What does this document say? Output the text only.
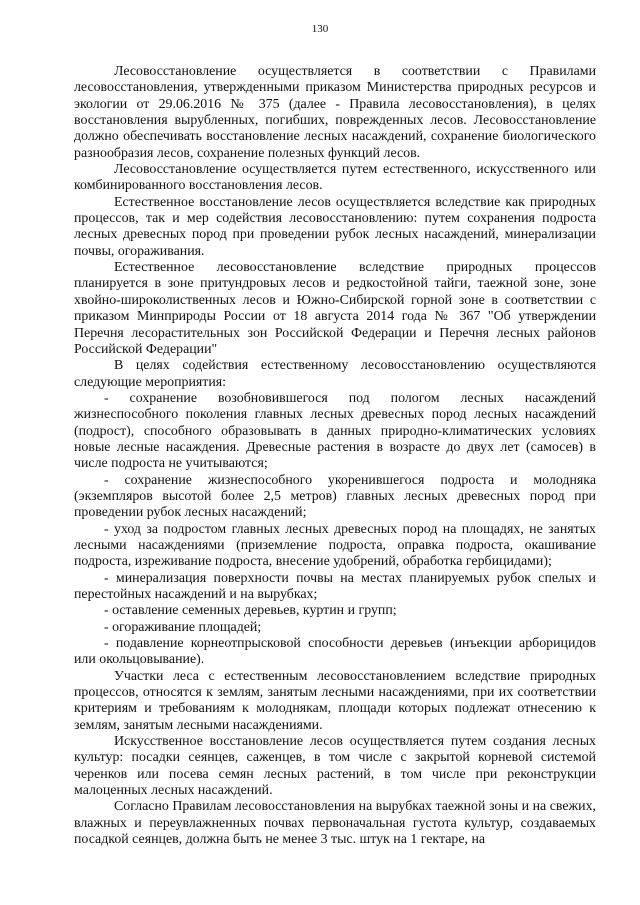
130

Лесовосстановление осуществляется в соответствии с Правилами лесовосстановления, утвержденными приказом Министерства природных ресурсов и экологии от 29.06.2016 № 375 (далее - Правила лесовосстановления), в целях восстановления вырубленных, погибших, поврежденных лесов. Лесовосстановление должно обеспечивать восстановление лесных насаждений, сохранение биологического разнообразия лесов, сохранение полезных функций лесов.

Лесовосстановление осуществляется путем естественного, искусственного или комбинированного восстановления лесов.

Естественное восстановление лесов осуществляется вследствие как природных процессов, так и мер содействия лесовосстановлению: путем сохранения подроста лесных древесных пород при проведении рубок лесных насаждений, минерализации почвы, огораживания.

Естественное лесовосстановление вследствие природных процессов планируется в зоне притундровых лесов и редкостойной тайги, таежной зоне, зоне хвойно-широколиственных лесов и Южно-Сибирской горной зоне в соответствии с приказом Минприроды России от 18 августа 2014 года № 367 "Об утверждении Перечня лесорастительных зон Российской Федерации и Перечня лесных районов Российской Федерации"

В целях содействия естественному лесовосстановлению осуществляются следующие мероприятия:

- сохранение возобновившегося под пологом лесных насаждений жизнеспособного поколения главных лесных древесных пород лесных насаждений (подрост), способного образовывать в данных природно-климатических условиях новые лесные насаждения. Древесные растения в возрасте до двух лет (самосев) в числе подроста не учитываются;

- сохранение жизнеспособного укоренившегося подроста и молодняка (экземпляров высотой более 2,5 метров) главных лесных древесных пород при проведении рубок лесных насаждений;

- уход за подростом главных лесных древесных пород на площадях, не занятых лесными насаждениями (приземление подроста, оправка подроста, окашивание подроста, изреживание подроста, внесение удобрений, обработка гербицидами);

- минерализация поверхности почвы на местах планируемых рубок спелых и перестойных насаждений и на вырубках;

- оставление семенных деревьев, куртин и групп;

- огораживание площадей;

- подавление корнеотпрысковой способности деревьев (инъекции арборицидов или окольцовывание).

Участки леса с естественным лесовосстановлением вследствие природных процессов, относятся к землям, занятым лесными насаждениями, при их соответствии критериям и требованиям к молоднякам, площади которых подлежат отнесению к землям, занятым лесными насаждениями.

Искусственное восстановление лесов осуществляется путем создания лесных культур: посадки сеянцев, саженцев, в том числе с закрытой корневой системой черенков или посева семян лесных растений, в том числе при реконструкции малоценных лесных насаждений.

Согласно Правилам лесовосстановления на вырубках таежной зоны и на свежих, влажных и переувлажненных почвах первоначальная густота культур, создаваемых посадкой сеянцев, должна быть не менее 3 тыс. штук на 1 гектаре, на
